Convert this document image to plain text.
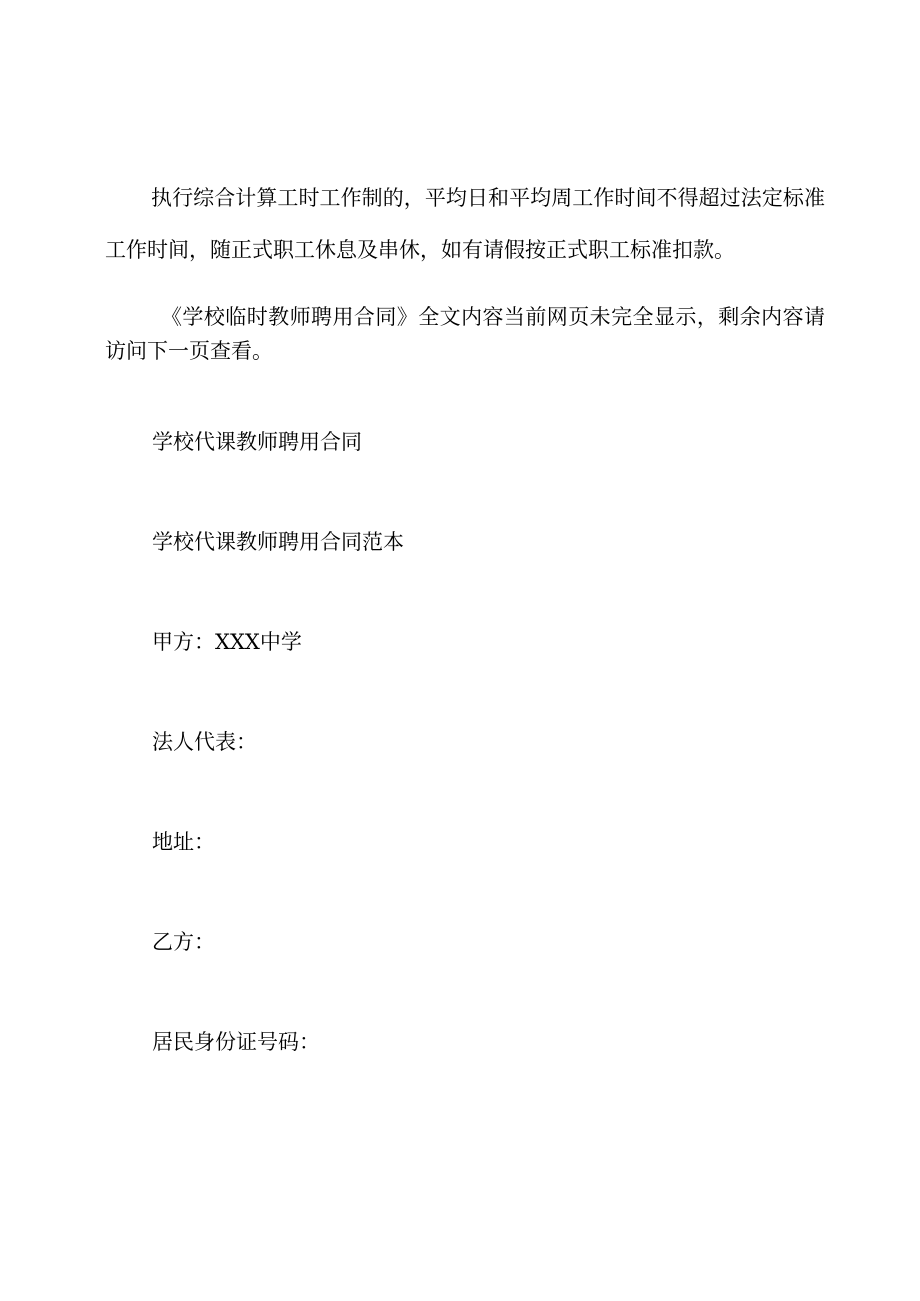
执行综合计算工时工作制的，平均日和平均周工作时间不得超过法定标准工作时间，随正式职工休息及串休，如有请假按正式职工标准扣款。

《学校临时教师聘用合同》全文内容当前网页未完全显示，剩余内容请访问下一页查看。

学校代课教师聘用合同

学校代课教师聘用合同范本

甲方：XXX中学

法人代表：

地址：

乙方：

居民身份证号码：
